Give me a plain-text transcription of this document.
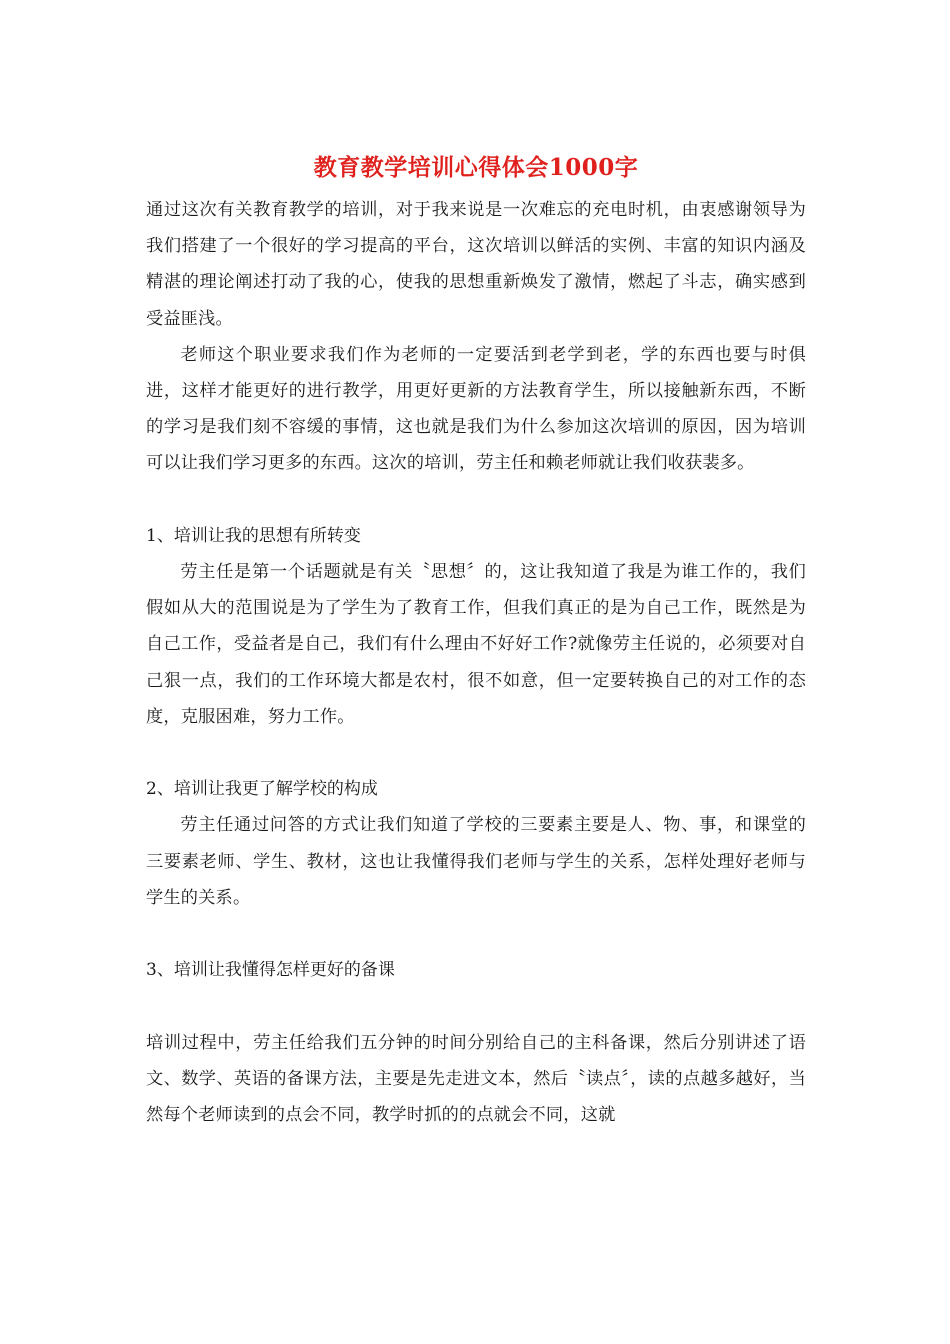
教育教学培训心得体会1000字

通过这次有关教育教学的培训，对于我来说是一次难忘的充电时机，由衷感谢领导为我们搭建了一个很好的学习提高的平台，这次培训以鲜活的实例、丰富的知识内涵及精湛的理论阐述打动了我的心，使我的思想重新焕发了激情，燃起了斗志，确实感到受益匪浅。

老师这个职业要求我们作为老师的一定要活到老学到老，学的东西也要与时俱进，这样才能更好的进行教学，用更好更新的方法教育学生，所以接触新东西，不断的学习是我们刻不容缓的事情，这也就是我们为什么参加这次培训的原因，因为培训可以让我们学习更多的东西。这次的培训，劳主任和赖老师就让我们收获裴多。

1、培训让我的思想有所转变

劳主任是第一个话题就是有关〝思想〞的，这让我知道了我是为谁工作的，我们假如从大的范围说是为了学生为了教育工作，但我们真正的是为自己工作，既然是为自己工作，受益者是自己，我们有什么理由不好好工作?就像劳主任说的，必须要对自己狠一点，我们的工作环境大都是农村，很不如意，但一定要转换自己的对工作的态度，克服困难，努力工作。

2、培训让我更了解学校的构成

劳主任通过问答的方式让我们知道了学校的三要素主要是人、物、事，和课堂的三要素老师、学生、教材，这也让我懂得我们老师与学生的关系，怎样处理好老师与学生的关系。

3、培训让我懂得怎样更好的备课

培训过程中，劳主任给我们五分钟的时间分别给自己的主科备课，然后分别讲述了语文、数学、英语的备课方法，主要是先走进文本，然后〝读点〞，读的点越多越好，当然每个老师读到的点会不同，教学时抓的的点就会不同，这就
